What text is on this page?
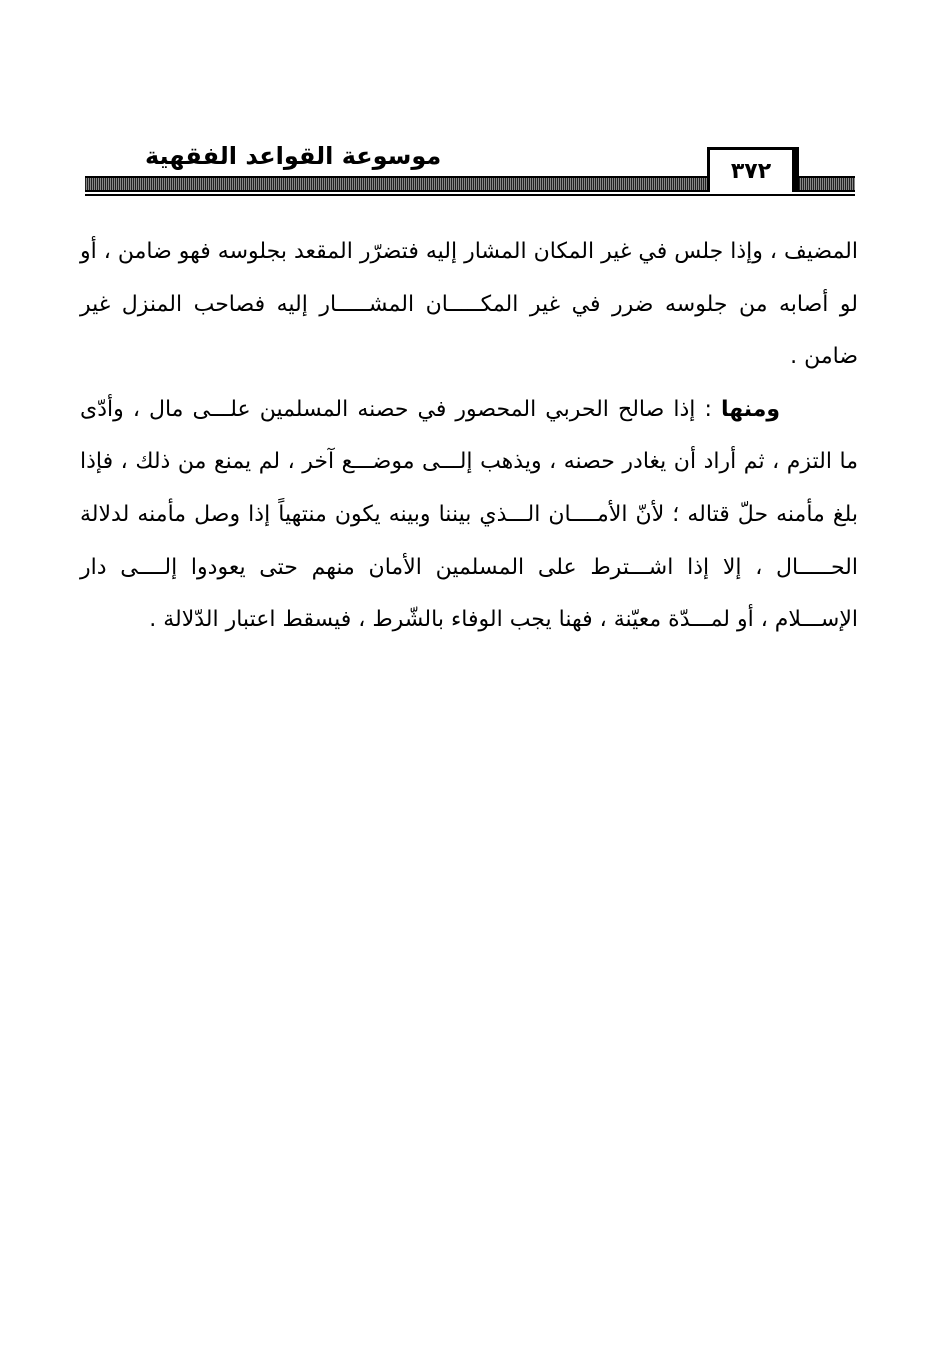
موسوعة القواعد الفقهية
٣٧٢

المضيف ، وإذا جلس في غير المكان المشار إليه فتضرّر المقعد بجلوسه فهو ضامن ، أو لو أصابه من جلوسه ضرر في غير المكـــــان المشـــــار إليه فصاحب المنزل غير ضامن .

ومنها : إذا صالح الحربي المحصور في حصنه المسلمين علـــى مال ، وأدّى ما التزم ، ثم أراد أن يغادر حصنه ، ويذهب إلـــى موضـــع آخر ، لم يمنع من ذلك ، فإذا بلغ مأمنه حلّ قتاله ؛ لأنّ الأمــــان الـــذي بيننا وبينه يكون منتهياً إذا وصل مأمنه لدلالة الحـــــال ، إلا إذا اشـــترط على المسلمين الأمان منهم حتى يعودوا إلــــى دار الإســـلام ، أو لمـــدّة معيّنة ، فهنا يجب الوفاء بالشّرط ، فيسقط اعتبار الدّلالة .
